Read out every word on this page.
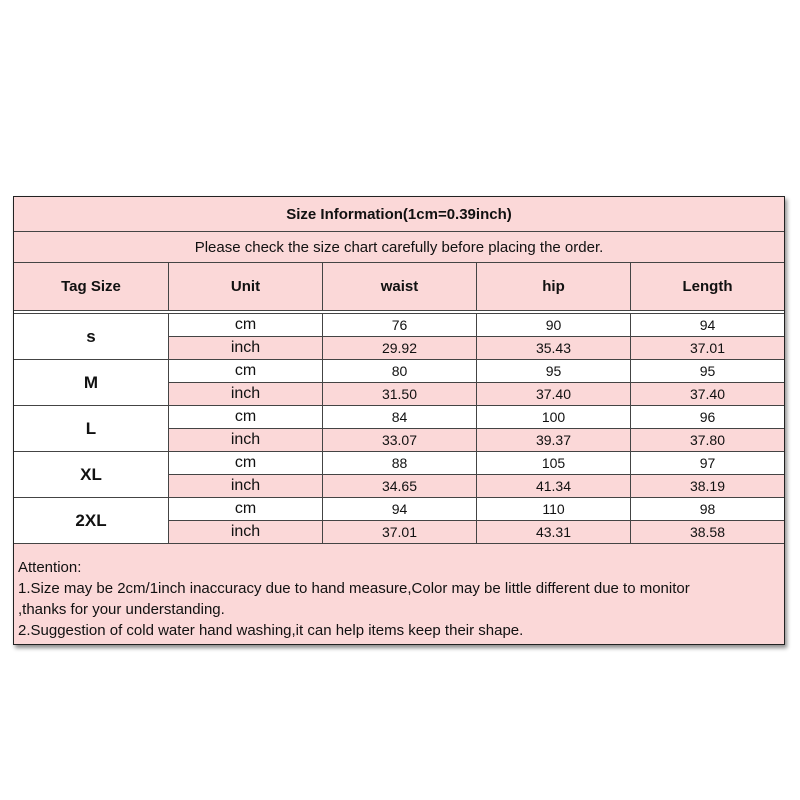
Size Information(1cm=0.39inch)
Please check the size chart carefully before placing the order.
Tag Size	Unit	waist	hip	Length
s
cm	76	90	94
inch	29.92	35.43	37.01
M
cm	80	95	95
inch	31.50	37.40	37.40
L
cm	84	100	96
inch	33.07	39.37	37.80
XL
cm	88	105	97
inch	34.65	41.34	38.19
2XL
cm	94	110	98
inch	37.01	43.31	38.58
Attention:
1.Size may be 2cm/1inch inaccuracy due to hand measure,Color may be little different due to monitor
,thanks for your understanding.
2.Suggestion of cold water hand washing,it can help items keep their shape.
